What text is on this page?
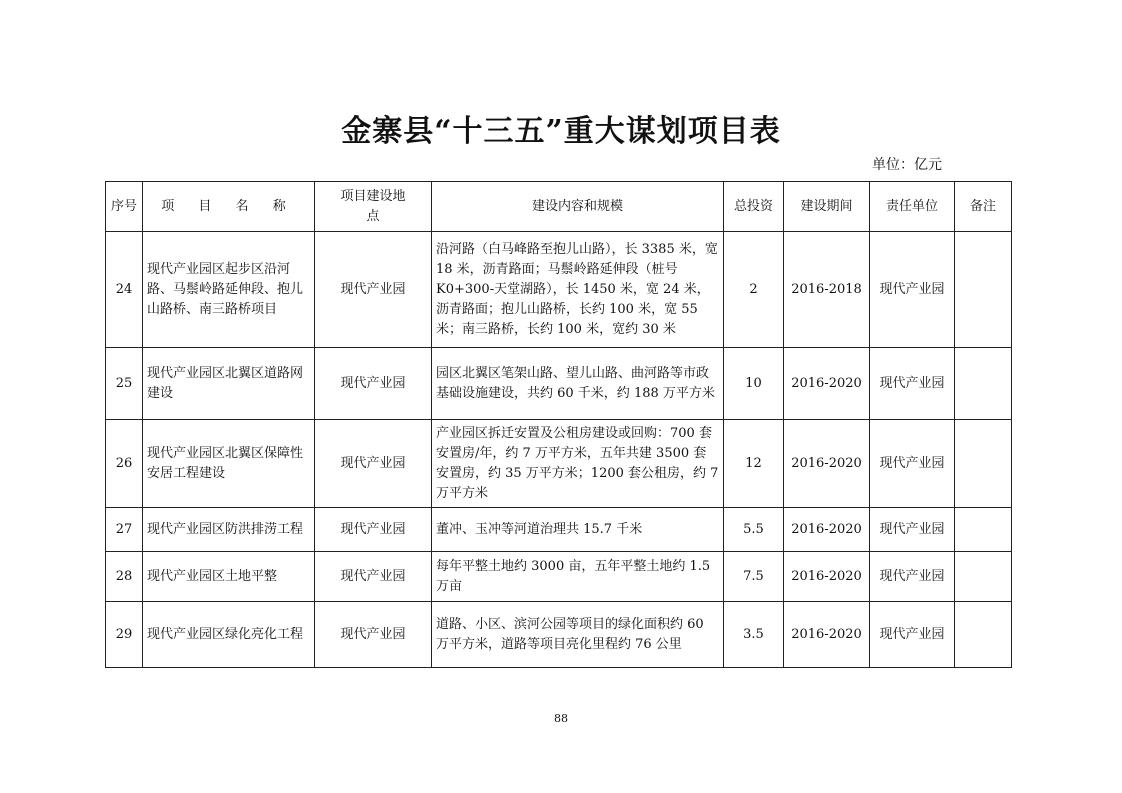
金寨县“十三五”重大谋划项目表
单位：亿元
序号	项 目 名 称	项目建设地点	建设内容和规模	总投资	建设期间	责任单位	备注
24	现代产业园区起步区沿河路、马鬃岭路延伸段、抱儿山路桥、南三路桥项目	现代产业园	沿河路（白马峰路至抱儿山路），长 3385 米，宽 18 米，沥青路面；马鬃岭路延伸段（桩号 K0+300-天堂湖路），长 1450 米，宽 24 米，沥青路面；抱儿山路桥，长约 100 米，宽 55 米；南三路桥，长约 100 米，宽约 30 米	2	2016-2018	现代产业园	
25	现代产业园区北翼区道路网建设	现代产业园	园区北翼区笔架山路、望儿山路、曲河路等市政基础设施建设，共约 60 千米，约 188 万平方米	10	2016-2020	现代产业园	
26	现代产业园区北翼区保障性安居工程建设	现代产业园	产业园区拆迁安置及公租房建设或回购：700 套安置房/年，约 7 万平方米，五年共建 3500 套安置房，约 35 万平方米；1200 套公租房，约 7 万平方米	12	2016-2020	现代产业园	
27	现代产业园区防洪排涝工程	现代产业园	董冲、玉冲等河道治理共 15.7 千米	5.5	2016-2020	现代产业园	
28	现代产业园区土地平整	现代产业园	每年平整土地约 3000 亩，五年平整土地约 1.5 万亩	7.5	2016-2020	现代产业园	
29	现代产业园区绿化亮化工程	现代产业园	道路、小区、滨河公园等项目的绿化面积约 60 万平方米，道路等项目亮化里程约 76 公里	3.5	2016-2020	现代产业园	
88
